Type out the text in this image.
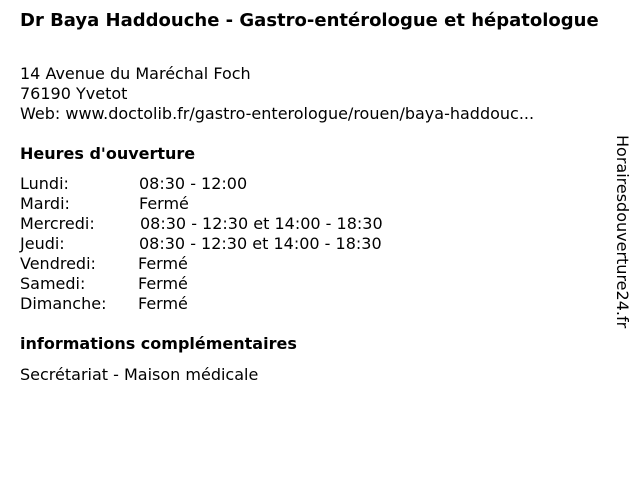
Dr Baya Haddouche - Gastro-entérologue et hépatologue
14 Avenue du Maréchal Foch
76190 Yvetot
Web: www.doctolib.fr/gastro-enterologue/rouen/baya-haddouc...
Heures d'ouverture
Lundi:	08:30 - 12:00
Mardi:	Fermé
Mercredi:	08:30 - 12:30 et 14:00 - 18:30
Jeudi:	08:30 - 12:30 et 14:00 - 18:30
Vendredi:	Fermé
Samedi:	Fermé
Dimanche: Fermé
informations complémentaires
Secrétariat - Maison médicale
Horairesdouverture24.fr
